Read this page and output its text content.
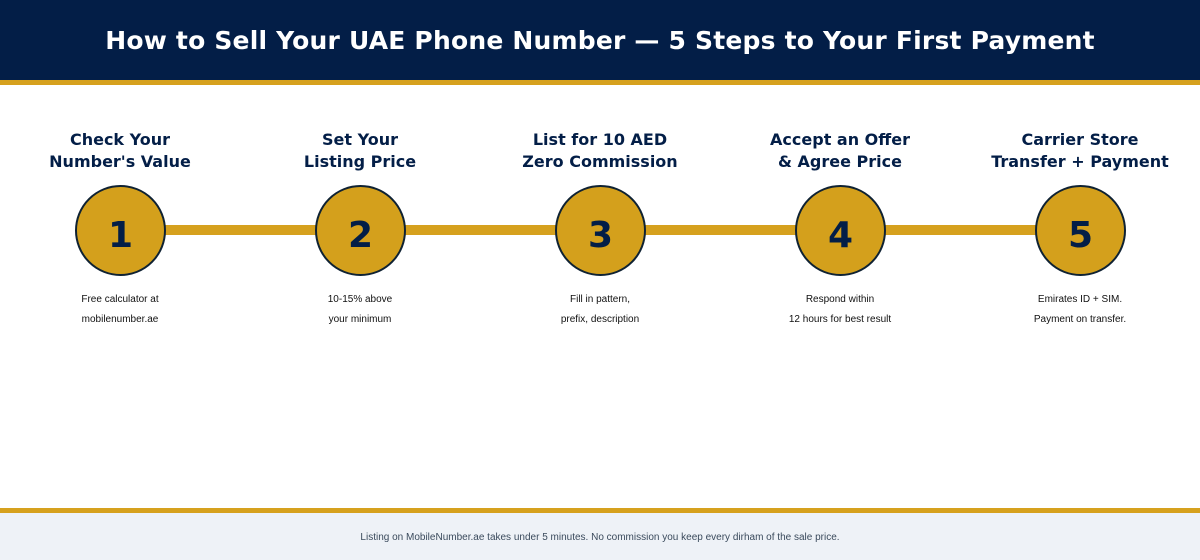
How to Sell Your UAE Phone Number — 5 Steps to Your First Payment
Check Your
Number's Value
1
Free calculator at
mobilenumber.ae
Set Your
Listing Price
2
10-15% above
your minimum
List for 10 AED
Zero Commission
3
Fill in pattern,
prefix, description
Accept an Offer
& Agree Price
4
Respond within
12 hours for best result
Carrier Store
Transfer + Payment
5
Emirates ID + SIM.
Payment on transfer.
Listing on MobileNumber.ae takes under 5 minutes. No commission you keep every dirham of the sale price.
